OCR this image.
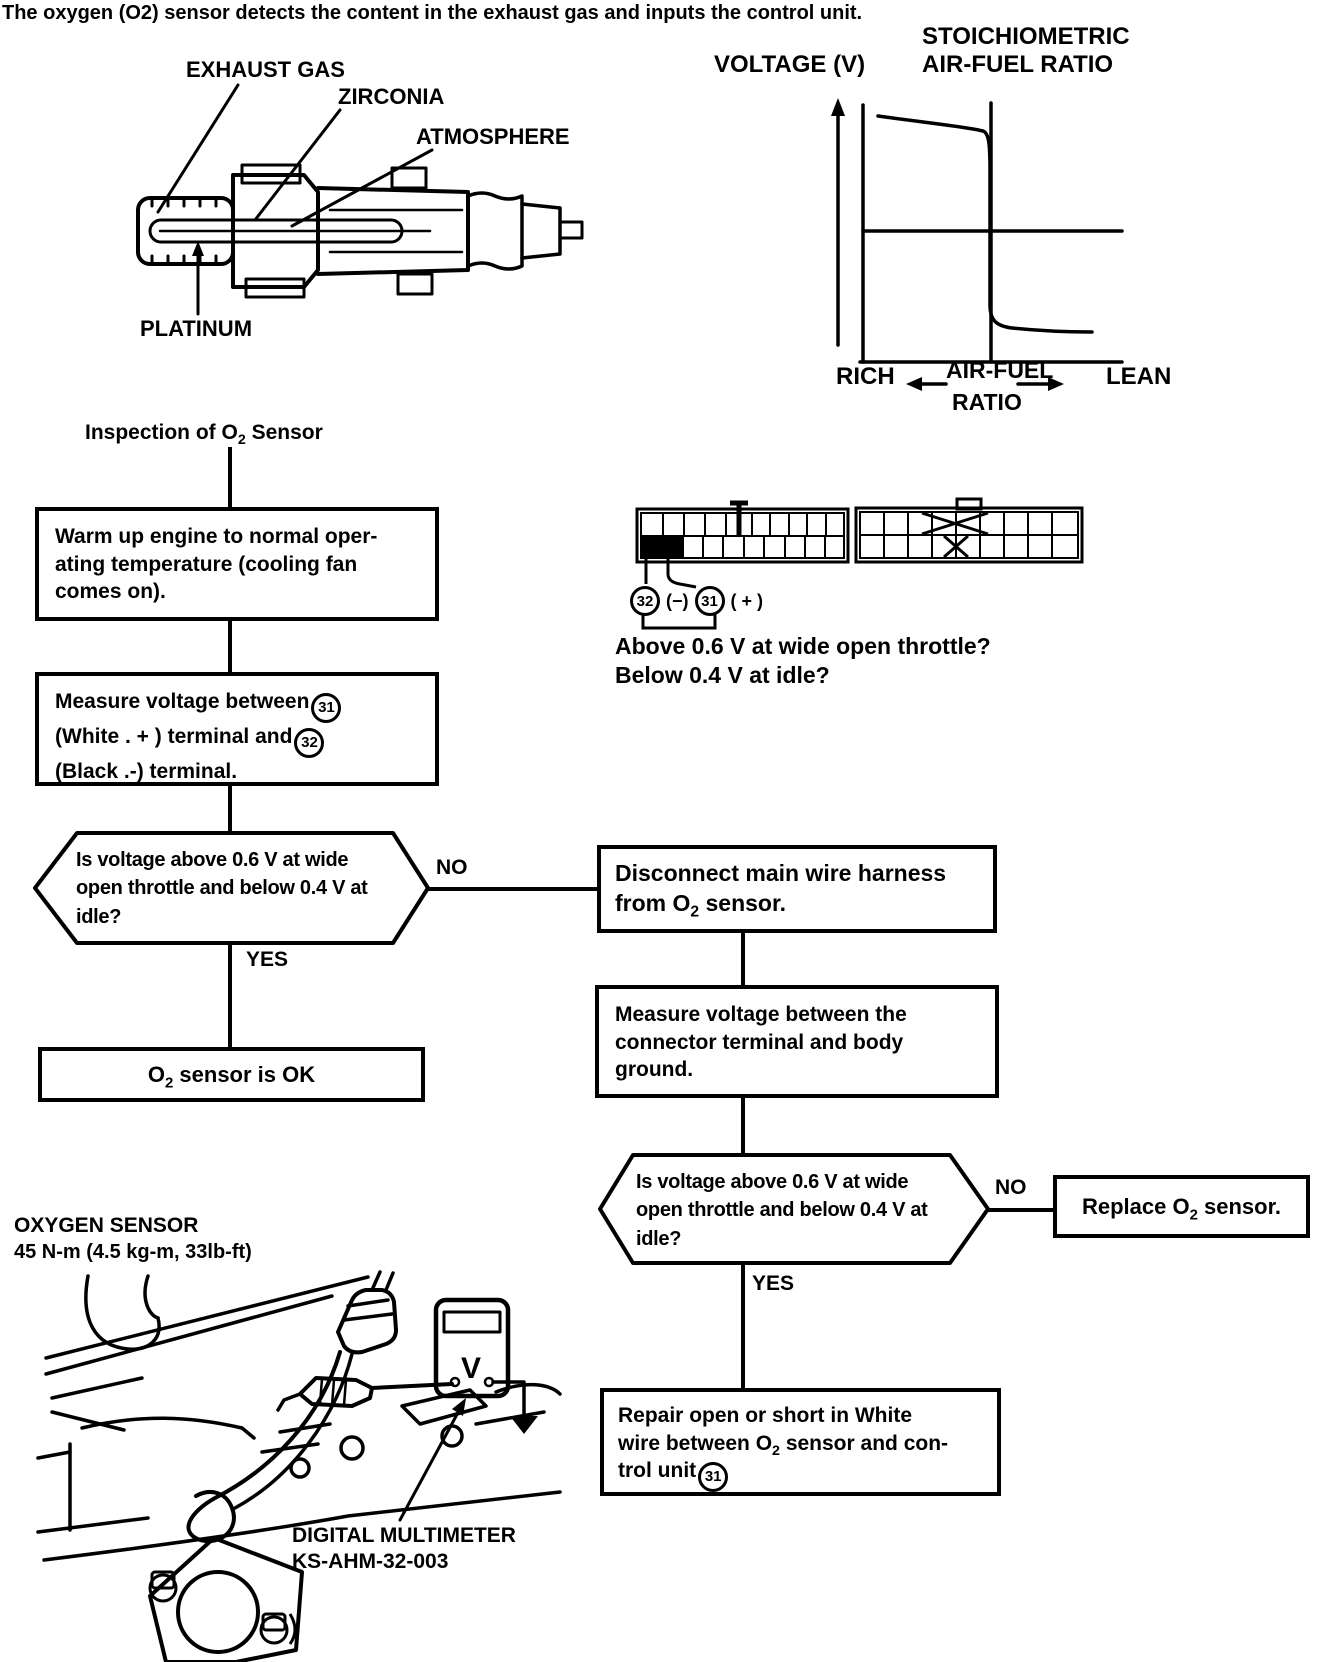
V
The oxygen (O2) sensor detects the content in the exhaust gas and inputs the control unit.
EXHAUST GAS
ZIRCONIA
ATMOSPHERE
PLATINUM
VOLTAGE (V)
STOICHIOMETRIC
AIR-FUEL RATIO
RICH AIR-FUEL
RATIO
LEAN
Inspection of $O_2$ Sensor
Warm up engine to normal oper-
ating temperature (cooling fan
comes on).
Measure voltage between 31
(White . + ) terminal and 32
(Black .-) terminal.
Is voltage above 0.6 V at wide
open throttle and below 0.4 V at
idle?
NO
YES
$O_2$ sensor is OK
Disconnect main wire harness
from $O_2$ sensor.
Measure voltage between the
connector terminal and body
ground.
Is voltage above 0.6 V at wide
open throttle and below 0.4 V at
idle?
NO
YES
Replace $O_2$ sensor.
Repair open or short in White
wire between $O_2$ sensor and con-
trol unit 31
32 (−) 31 ( + )
Above 0.6 V at wide open throttle?
Below 0.4 V at idle?
OXYGEN SENSOR
45 N-m (4.5 kg-m, 33lb-ft)
DIGITAL MULTIMETER
KS-AHM-32-003
